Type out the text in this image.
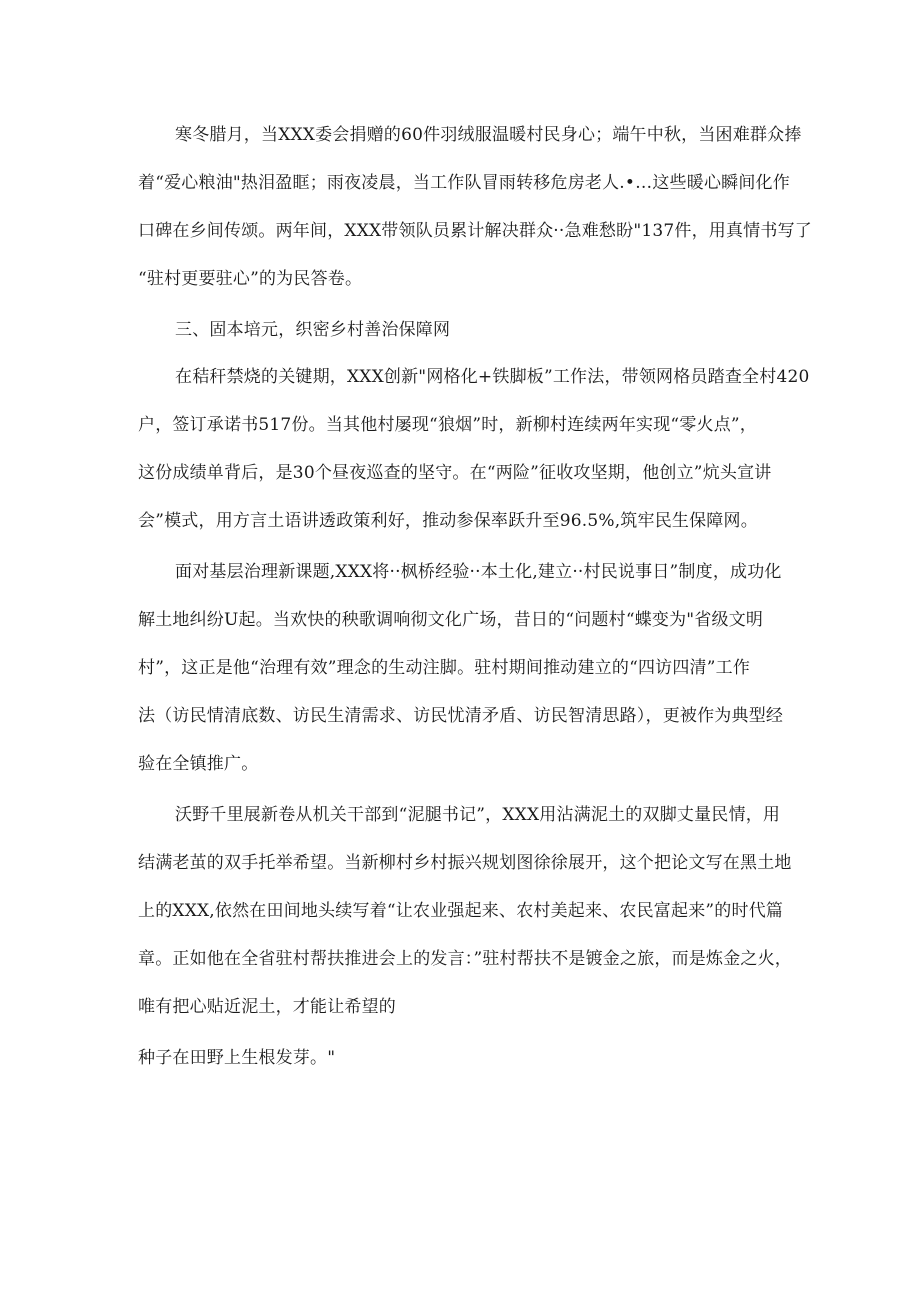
寒冬腊月，当XXX委会捐赠的60件羽绒服温暖村民身心；端午中秋，当困难群众捧

着“爱心粮油"热泪盈眶；雨夜凌晨，当工作队冒雨转移危房老人.•…这些暖心瞬间化作

口碑在乡间传颂。两年间，XXX带领队员累计解决群众··急难愁盼"137件，用真情书写了

“驻村更要驻心”的为民答卷。

三、固本培元，织密乡村善治保障网

在秸秆禁烧的关键期，XXX创新"网格化+铁脚板”工作法，带领网格员踏查全村420

户，签订承诺书517份。当其他村屡现“狼烟”时，新柳村连续两年实现“零火点”，

这份成绩单背后，是30个昼夜巡查的坚守。在“两险”征收攻坚期，他创立”炕头宣讲

会”模式，用方言土语讲透政策利好，推动参保率跃升至96.5%,筑牢民生保障网。

面对基层治理新课题,XXX将··枫桥经验··本土化,建立··村民说事日”制度，成功化

解土地纠纷U起。当欢快的秧歌调响彻文化广场，昔日的“问题村“蝶变为"省级文明

村”，这正是他“治理有效”理念的生动注脚。驻村期间推动建立的“四访四清”工作

法（访民情清底数、访民生清需求、访民忧清矛盾、访民智清思路），更被作为典型经

验在全镇推广。

沃野千里展新卷从机关干部到“泥腿书记”，XXX用沾满泥土的双脚丈量民情，用

结满老茧的双手托举希望。当新柳村乡村振兴规划图徐徐展开，这个把论文写在黑土地

上的XXX,依然在田间地头续写着“让农业强起来、农村美起来、农民富起来”的时代篇

章。正如他在全省驻村帮扶推进会上的发言：”驻村帮扶不是镀金之旅，而是炼金之火，

唯有把心贴近泥土，才能让希望的

种子在田野上生根发芽。"
